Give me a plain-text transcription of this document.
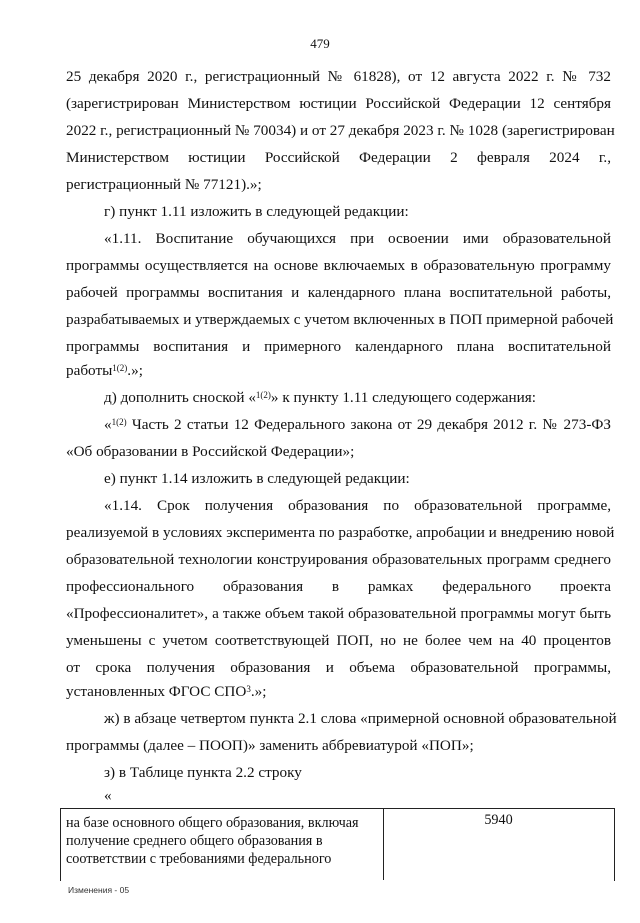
479
25 декабря 2020 г., регистрационный № 61828), от 12 августа 2022 г. № 732
(зарегистрирован Министерством юстиции Российской Федерации 12 сентября
2022 г., регистрационный № 70034) и от 27 декабря 2023 г. № 1028 (зарегистрирован
Министерством юстиции Российской Федерации 2 февраля 2024 г.,
регистрационный № 77121).»;
г) пункт 1.11 изложить в следующей редакции:
«1.11. Воспитание обучающихся при освоении ими образовательной
программы осуществляется на основе включаемых в образовательную программу
рабочей программы воспитания и календарного плана воспитательной работы,
разрабатываемых и утверждаемых с учетом включенных в ПОП примерной рабочей
программы воспитания и примерного календарного плана воспитательной
работы$^{1(2)}$.»;
д) дополнить сноской «$^{1(2)}$» к пункту 1.11 следующего содержания:
«$^{1(2)}$ Часть 2 статьи 12 Федерального закона от 29 декабря 2012 г. № 273-ФЗ
«Об образовании в Российской Федерации»;
е) пункт 1.14 изложить в следующей редакции:
«1.14. Срок получения образования по образовательной программе,
реализуемой в условиях эксперимента по разработке, апробации и внедрению новой
образовательной технологии конструирования образовательных программ среднего
профессионального образования в рамках федерального проекта
«Профессионалитет», а также объем такой образовательной программы могут быть
уменьшены с учетом соответствующей ПОП, но не более чем на 40 процентов
от срока получения образования и объема образовательной программы,
установленных ФГОС СПО$^3$.»;
ж) в абзаце четвертом пункта 2.1 слова «примерной основной образовательной
программы (далее – ПООП)» заменить аббревиатурой «ПОП»;
з) в Таблице пункта 2.2 строку
«
на базе основного общего образования, включая
получение среднего общего образования в
соответствии с требованиями федерального
5940
Изменения - 05
